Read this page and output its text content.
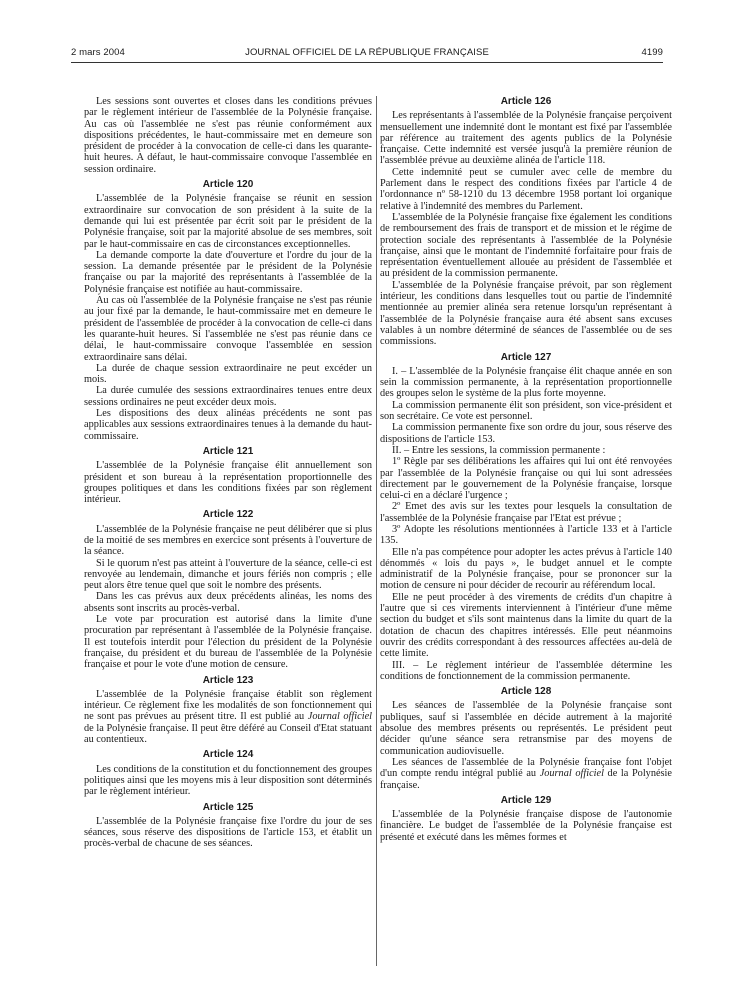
2 mars 2004	JOURNAL OFFICIEL DE LA RÉPUBLIQUE FRANÇAISE	4199

Les sessions sont ouvertes et closes dans les conditions prévues par le règlement intérieur de l'assemblée de la Polynésie française. Au cas où l'assemblée ne s'est pas réunie conformément aux dispositions précédentes, le haut-commissaire met en demeure son président de procéder à la convocation de celle-ci dans les quarante-huit heures. A défaut, le haut-commissaire convoque l'assemblée en session ordinaire.

Article 120

L'assemblée de la Polynésie française se réunit en session extraordinaire sur convocation de son président à la suite de la demande qui lui est présentée par écrit soit par le président de la Polynésie française, soit par la majorité absolue de ses membres, soit par le haut-commissaire en cas de circonstances exceptionnelles.

La demande comporte la date d'ouverture et l'ordre du jour de la session. La demande présentée par le président de la Polynésie française ou par la majorité des représentants à l'assemblée de la Polynésie française est notifiée au haut-commissaire.

Au cas où l'assemblée de la Polynésie française ne s'est pas réunie au jour fixé par la demande, le haut-commissaire met en demeure le président de l'assemblée de procéder à la convocation de celle-ci dans les quarante-huit heures. Si l'assemblée ne s'est pas réunie dans ce délai, le haut-commissaire convoque l'assemblée en session extraordinaire sans délai.

La durée de chaque session extraordinaire ne peut excéder un mois.

La durée cumulée des sessions extraordinaires tenues entre deux sessions ordinaires ne peut excéder deux mois.

Les dispositions des deux alinéas précédents ne sont pas applicables aux sessions extraordinaires tenues à la demande du haut-commissaire.

Article 121

L'assemblée de la Polynésie française élit annuellement son président et son bureau à la représentation proportionnelle des groupes politiques et dans les conditions fixées par son règlement intérieur.

Article 122

L'assemblée de la Polynésie française ne peut délibérer que si plus de la moitié de ses membres en exercice sont présents à l'ouverture de la séance.

Si le quorum n'est pas atteint à l'ouverture de la séance, celle-ci est renvoyée au lendemain, dimanche et jours fériés non compris ; elle peut alors être tenue quel que soit le nombre des présents.

Dans les cas prévus aux deux précédents alinéas, les noms des absents sont inscrits au procès-verbal.

Le vote par procuration est autorisé dans la limite d'une procuration par représentant à l'assemblée de la Polynésie française. Il est toutefois interdit pour l'élection du président de la Polynésie française, du président et du bureau de l'assemblée de la Polynésie française et pour le vote d'une motion de censure.

Article 123

L'assemblée de la Polynésie française établit son règlement intérieur. Ce règlement fixe les modalités de son fonctionnement qui ne sont pas prévues au présent titre. Il est publié au Journal officiel de la Polynésie française. Il peut être déféré au Conseil d'Etat statuant au contentieux.

Article 124

Les conditions de la constitution et du fonctionnement des groupes politiques ainsi que les moyens mis à leur disposition sont déterminés par le règlement intérieur.

Article 125

L'assemblée de la Polynésie française fixe l'ordre du jour de ses séances, sous réserve des dispositions de l'article 153, et établit un procès-verbal de chacune de ses séances.

Article 126

Les représentants à l'assemblée de la Polynésie française perçoivent mensuellement une indemnité dont le montant est fixé par l'assemblée par référence au traitement des agents publics de la Polynésie française. Cette indemnité est versée jusqu'à la première réunion de l'assemblée prévue au deuxième alinéa de l'article 118.

Cette indemnité peut se cumuler avec celle de membre du Parlement dans le respect des conditions fixées par l'article 4 de l'ordonnance nº 58-1210 du 13 décembre 1958 portant loi organique relative à l'indemnité des membres du Parlement.

L'assemblée de la Polynésie française fixe également les conditions de remboursement des frais de transport et de mission et le régime de protection sociale des représentants à l'assemblée de la Polynésie française, ainsi que le montant de l'indemnité forfaitaire pour frais de représentation éventuellement allouée au président de l'assemblée et au président de la commission permanente.

L'assemblée de la Polynésie française prévoit, par son règlement intérieur, les conditions dans lesquelles tout ou partie de l'indemnité mentionnée au premier alinéa sera retenue lorsqu'un représentant à l'assemblée de la Polynésie française aura été absent sans excuses valables à un nombre déterminé de séances de l'assemblée ou de ses commissions.

Article 127

I. – L'assemblée de la Polynésie française élit chaque année en son sein la commission permanente, à la représentation proportionnelle des groupes selon le système de la plus forte moyenne.

La commission permanente élit son président, son vice-président et son secrétaire. Ce vote est personnel.

La commission permanente fixe son ordre du jour, sous réserve des dispositions de l'article 153.

II. – Entre les sessions, la commission permanente :

1º Règle par ses délibérations les affaires qui lui ont été renvoyées par l'assemblée de la Polynésie française ou qui lui sont adressées directement par le gouvernement de la Polynésie française, lorsque celui-ci en a déclaré l'urgence ;

2º Emet des avis sur les textes pour lesquels la consultation de l'assemblée de la Polynésie française par l'Etat est prévue ;

3º Adopte les résolutions mentionnées à l'article 133 et à l'article 135.

Elle n'a pas compétence pour adopter les actes prévus à l'article 140 dénommés « lois du pays », le budget annuel et le compte administratif de la Polynésie française, pour se prononcer sur la motion de censure ni pour décider de recourir au référendum local.

Elle ne peut procéder à des virements de crédits d'un chapitre à l'autre que si ces virements interviennent à l'intérieur d'une même section du budget et s'ils sont maintenus dans la limite du quart de la dotation de chacun des chapitres intéressés. Elle peut néanmoins ouvrir des crédits correspondant à des ressources affectées au-delà de cette limite.

III. – Le règlement intérieur de l'assemblée détermine les conditions de fonctionnement de la commission permanente.

Article 128

Les séances de l'assemblée de la Polynésie française sont publiques, sauf si l'assemblée en décide autrement à la majorité absolue des membres présents ou représentés. Le président peut décider qu'une séance sera retransmise par des moyens de communication audiovisuelle.

Les séances de l'assemblée de la Polynésie française font l'objet d'un compte rendu intégral publié au Journal officiel de la Polynésie française.

Article 129

L'assemblée de la Polynésie française dispose de l'autonomie financière. Le budget de l'assemblée de la Polynésie française est présenté et exécuté dans les mêmes formes et
